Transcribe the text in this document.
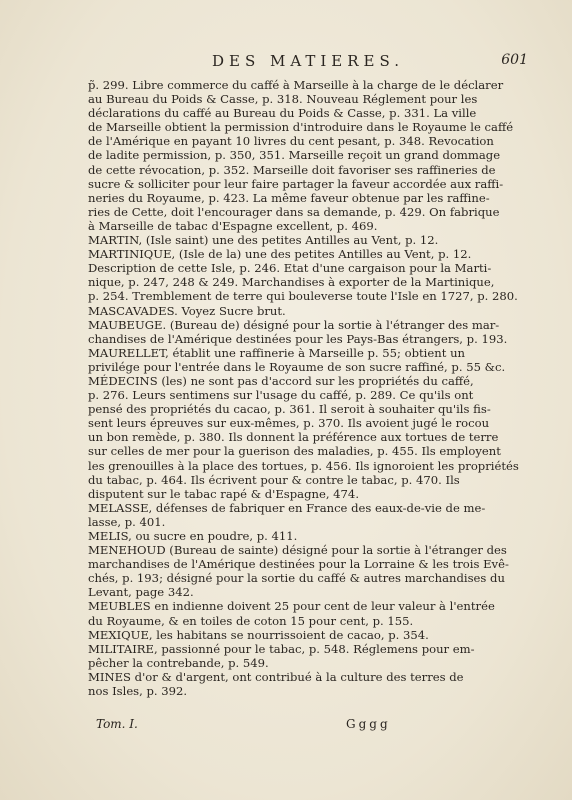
DES MATIERES.	601
p̃. 299. Libre commerce du caffé à Marseille à la charge de le déclarer
au Bureau du Poids & Casse, p. 318. Nouveau Réglement pour les
déclarations du caffé au Bureau du Poids & Casse, p. 331. La ville
de Marseille obtient la permission d'introduire dans le Royaume le caffé
de l'Amérique en payant 10 livres du cent pesant, p. 348. Revocation
de ladite permission, p. 350, 351. Marseille reçoit un grand dommage
de cette révocation, p. 352. Marseille doit favoriser ses raffineries de
sucre & solliciter pour leur faire partager la faveur accordée aux raffi-
neries du Royaume, p. 423. La même faveur obtenue par les raffine-
ries de Cette, doit l'encourager dans sa demande, p. 429. On fabrique
à Marseille de tabac d'Espagne excellent, p. 469.
MARTIN, (Isle saint) une des petites Antilles au Vent, p. 12.
MARTINIQUE, (Isle de la) une des petites Antilles au Vent, p. 12.
Description de cette Isle, p. 246. Etat d'une cargaison pour la Marti-
nique, p. 247, 248 & 249. Marchandises à exporter de la Martinique,
p. 254. Tremblement de terre qui bouleverse toute l'Isle en 1727, p. 280.
MASCAVADES. Voyez Sucre brut.
MAUBEUGE. (Bureau de) désigné pour la sortie à l'étranger des mar-
chandises de l'Amérique destinées pour les Pays-Bas étrangers, p. 193.
MAURELLET, établit une raffinerie à Marseille p. 55; obtient un
privilége pour l'entrée dans le Royaume de son sucre raffiné, p. 55 &c.
MÉDECINS (les) ne sont pas d'accord sur les propriétés du caffé,
p. 276. Leurs sentimens sur l'usage du caffé, p. 289. Ce qu'ils ont
pensé des propriétés du cacao, p. 361. Il seroit à souhaiter qu'ils fis-
sent leurs épreuves sur eux-mêmes, p. 370. Ils avoient jugé le rocou
un bon remède, p. 380. Ils donnent la préférence aux tortues de terre
sur celles de mer pour la guerison des maladies, p. 455. Ils employent
les grenouilles à la place des tortues, p. 456. Ils ignoroient les propriétés
du tabac, p. 464. Ils écrivent pour & contre le tabac, p. 470. Ils
disputent sur le tabac rapé & d'Espagne, 474.
MELASSE, défenses de fabriquer en France des eaux-de-vie de me-
lasse, p. 401.
MELIS, ou sucre en poudre, p. 411.
MENEHOUD (Bureau de sainte) désigné pour la sortie à l'étranger des
marchandises de l'Amérique destinées pour la Lorraine & les trois Evê-
chés, p. 193; désigné pour la sortie du caffé & autres marchandises du
Levant, page 342.
MEUBLES en indienne doivent 25 pour cent de leur valeur à l'entrée
du Royaume, & en toiles de coton 15 pour cent, p. 155.
MEXIQUE, les habitans se nourrissoient de cacao, p. 354.
MILITAIRE, passionné pour le tabac, p. 548. Réglemens pour em-
pêcher la contrebande, p. 549.
MINES d'or & d'argent, ont contribué à la culture des terres de
nos Isles, p. 392.
Tom. I.	Gggg
